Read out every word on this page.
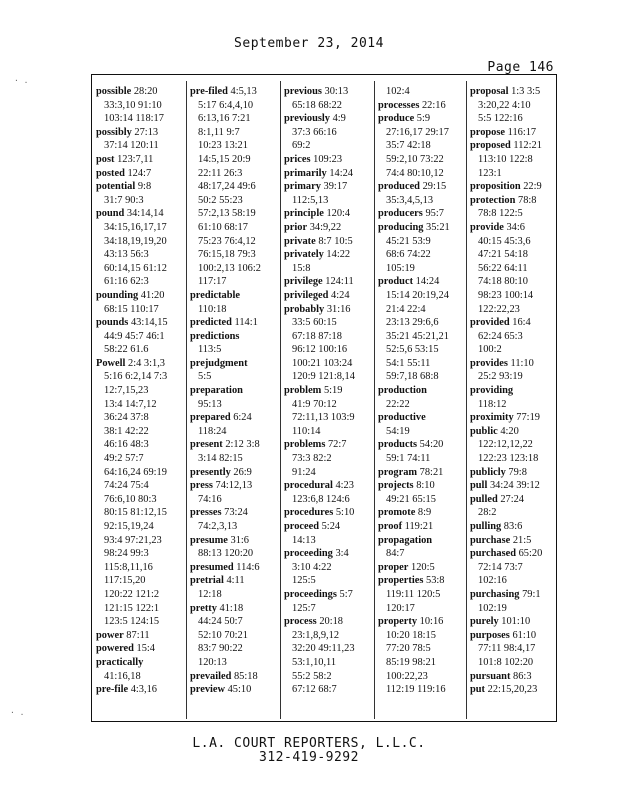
September 23, 2014
Page 146
· .
· .
possible 28:20
33:3,10 91:10
103:14 118:17
possibly 27:13
37:14 120:11
post 123:7,11
posted 124:7
potential 9:8
31:7 90:3
pound 34:14,14
34:15,16,17,17
34:18,19,19,20
43:13 56:3
60:14,15 61:12
61:16 62:3
pounding 41:20
68:15 110:17
pounds 43:14,15
44:9 45:7 46:1
58:22 61.6
Powell 2:4 3:1,3
5:16 6:2,14 7:3
12:7,15,23
13:4 14:7,12
36:24 37:8
38:1 42:22
46:16 48:3
49:2 57:7
64:16,24 69:19
74:24 75:4
76:6,10 80:3
80:15 81:12,15
92:15,19,24
93:4 97:21,23
98:24 99:3
115:8,11,16
117:15,20
120:22 121:2
121:15 122:1
123:5 124:15
power 87:11
powered 15:4
practically
41:16,18
pre-file 4:3,16
pre-filed 4:5,13
5:17 6:4,4,10
6:13,16 7:21
8:1,11 9:7
10:23 13:21
14:5,15 20:9
22:11 26:3
48:17,24 49:6
50:2 55:23
57:2,13 58:19
61:10 68:17
75:23 76:4,12
76:15,18 79:3
100:2,13 106:2
117:17
predictable
110:18
predicted 114:1
predictions
113:5
prejudgment
5:5
preparation
95:13
prepared 6:24
118:24
present 2:12 3:8
3:14 82:15
presently 26:9
press 74:12,13
74:16
presses 73:24
74:2,3,13
presume 31:6
88:13 120:20
presumed 114:6
pretrial 4:11
12:18
pretty 41:18
44:24 50:7
52:10 70:21
83:7 90:22
120:13
prevailed 85:18
preview 45:10
previous 30:13
65:18 68:22
previously 4:9
37:3 66:16
69:2
prices 109:23
primarily 14:24
primary 39:17
112:5,13
principle 120:4
prior 34:9,22
private 8:7 10:5
privately 14:22
15:8
privilege 124:11
privileged 4:24
probably 31:16
33:5 60:15
67:18 87:18
96:12 100:16
100:21 103:24
120:9 121:8,14
problem 5:19
41:9 70:12
72:11,13 103:9
110:14
problems 72:7
73:3 82:2
91:24
procedural 4:23
123:6,8 124:6
procedures 5:10
proceed 5:24
14:13
proceeding 3:4
3:10 4:22
125:5
proceedings 5:7
125:7
process 20:18
23:1,8,9,12
32:20 49:11,23
53:1,10,11
55:2 58:2
67:12 68:7
102:4
processes 22:16
produce 5:9
27:16,17 29:17
35:7 42:18
59:2,10 73:22
74:4 80:10,12
produced 29:15
35:3,4,5,13
producers 95:7
producing 35:21
45:21 53:9
68:6 74:22
105:19
product 14:24
15:14 20:19,24
21:4 22:4
23:13 29:6,6
35:21 45:21,21
52:5,6 53:15
54:1 55:11
59:7,18 68:8
production
22:22
productive
54:19
products 54:20
59:1 74:11
program 78:21
projects 8:10
49:21 65:15
promote 8:9
proof 119:21
propagation
84:7
proper 120:5
properties 53:8
119:11 120:5
120:17
property 10:16
10:20 18:15
77:20 78:5
85:19 98:21
100:22,23
112:19 119:16
proposal 1:3 3:5
3:20,22 4:10
5:5 122:16
propose 116:17
proposed 112:21
113:10 122:8
123:1
proposition 22:9
protection 78:8
78:8 122:5
provide 34:6
40:15 45:3,6
47:21 54:18
56:22 64:11
74:18 80:10
98:23 100:14
122:22,23
provided 16:4
62:24 65:3
100:2
provides 11:10
25:2 93:19
providing
118:12
proximity 77:19
public 4:20
122:12,12,22
122:23 123:18
publicly 79:8
pull 34:24 39:12
pulled 27:24
28:2
pulling 83:6
purchase 21:5
purchased 65:20
72:14 73:7
102:16
purchasing 79:1
102:19
purely 101:10
purposes 61:10
77:11 98:4,17
101:8 102:20
pursuant 86:3
put 22:15,20,23
L.A. COURT REPORTERS, L.L.C.
312-419-9292
